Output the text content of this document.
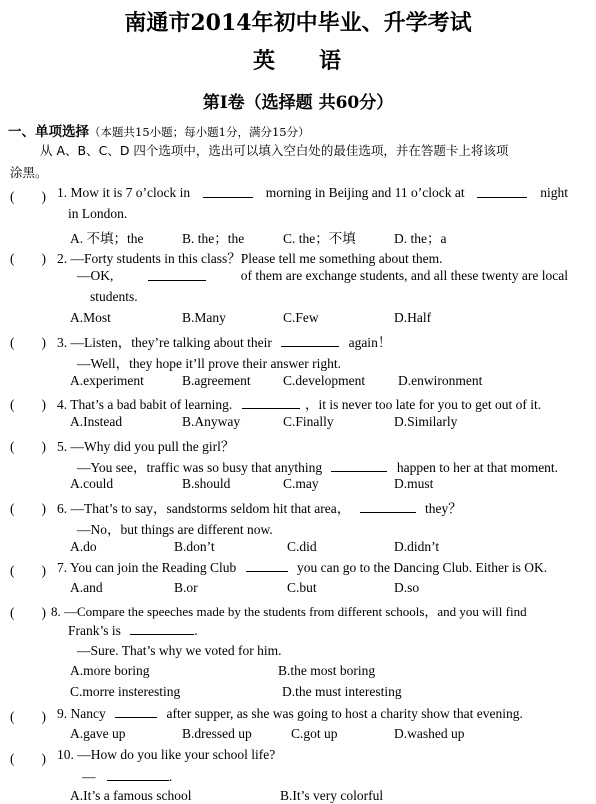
南通市2014年初中毕业、升学考试
英 语
第Ⅰ卷（选择题 共60分）
一、单项选择（本题共15小题；每小题1分，满分15分）
从 A、B、C、D 四个选项中，选出可以填入空白处的最佳选项，并在答题卡上将该项
涂黑。
(　　) 1. Mow it is 7 o’clock in	morning in Beijing and 11 o’clock at	night
in London.
A. 不填；the	B. the；the	C. the；不填	D. the；a
(　　) 2. —Forty students in this class？Please tell me something about them.
—OK,	of them are exchange students, and all these twenty are local
students.
A.Most	B.Many	C.Few	D.Half
(　　) 3. —Listen，they’re talking about their	again！
—Well，they hope it’ll prove their answer right.
A.experiment	B.agreement C.development D.enwironment
(　　) 4. That’s a bad babit of learning.	，it is never too late for you to get out of it.
A.Instead	B.Anyway	C.Finally	D.Similarly
(　　) 5. —Why did you pull the girl？
—You see，traffic was so busy that anything	happen to her at that moment.
A.could	B.should	C.may	D.must
(　　) 6. —That’s to say，sandstorms seldom hit that area，	they？
—No，but things are different now.
A.do	B.don’t	C.did	D.didn’t
(　　) 7. You can join the Reading Club	you can go to the Dancing Club. Either is OK.
A.and	B.or	C.but	D.so
(　　) 8. —Compare the speeches made by the students from different schools，and you will find
Frank’s is	.
—Sure. That’s why we voted for him.
A.more boring	B.the most boring
C.morre insteresting	D.the must interesting
(　　) 9. Nancy	after supper, as she was going to host a charity show that evening.
A.gave up	B.dressed up	C.got up	D.washed up
(　　) 10. —How do you like your school life?
—	.
A.It’s a famous school	B.It’s very colorful
